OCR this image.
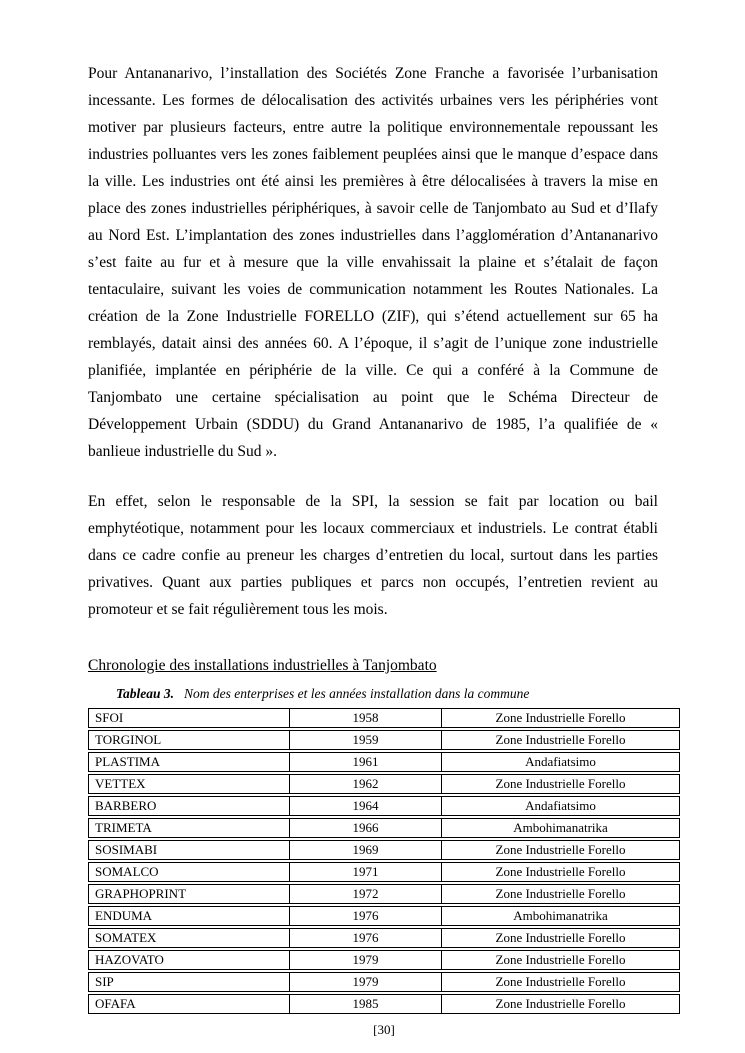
Pour Antananarivo, l’installation des Sociétés Zone Franche a favorisée l’urbanisation incessante. Les formes de délocalisation des activités urbaines vers les périphéries vont motiver par plusieurs facteurs, entre autre la politique environnementale repoussant les industries polluantes vers les zones faiblement peuplées ainsi que le manque d’espace dans la ville. Les industries ont été ainsi les premières à être délocalisées à travers la mise en place des zones industrielles périphériques, à savoir celle de Tanjombato au Sud et d’Ilafy au Nord Est. L’implantation des zones industrielles dans l’agglomération d’Antananarivo s’est faite au fur et à mesure que la ville envahissait la plaine et s’étalait de façon tentaculaire, suivant les voies de communication notamment les Routes Nationales. La création de la Zone Industrielle FORELLO (ZIF), qui s’étend actuellement sur 65 ha remblayés, datait ainsi des années 60. A l’époque, il s’agit de l’unique zone industrielle planifiée, implantée en périphérie de la ville. Ce qui a conféré à la Commune de Tanjombato une certaine spécialisation au point que le Schéma Directeur de Développement Urbain (SDDU) du Grand Antananarivo de 1985, l’a qualifiée de « banlieue industrielle du Sud ».

En effet, selon le responsable de la SPI, la session se fait par location ou bail emphytéotique, notamment pour les locaux commerciaux et industriels. Le contrat établi dans ce cadre confie au preneur les charges d’entretien du local, surtout dans les parties privatives. Quant aux parties publiques et parcs non occupés, l’entretien revient au promoteur et se fait régulièrement tous les mois.

Chronologie des installations industrielles à Tanjombato

Tableau 3. Nom des enterprises et les années installation dans la commune

SFOI	1958	Zone Industrielle Forello
TORGINOL	1959	Zone Industrielle Forello
PLASTIMA	1961	Andafiatsimo
VETTEX	1962	Zone Industrielle Forello
BARBERO	1964	Andafiatsimo
TRIMETA	1966	Ambohimanatrika
SOSIMABI	1969	Zone Industrielle Forello
SOMALCO	1971	Zone Industrielle Forello
GRAPHOPRINT	1972	Zone Industrielle Forello
ENDUMA	1976	Ambohimanatrika
SOMATEX	1976	Zone Industrielle Forello
HAZOVATO	1979	Zone Industrielle Forello
SIP	1979	Zone Industrielle Forello
OFAFA	1985	Zone Industrielle Forello

[30]
